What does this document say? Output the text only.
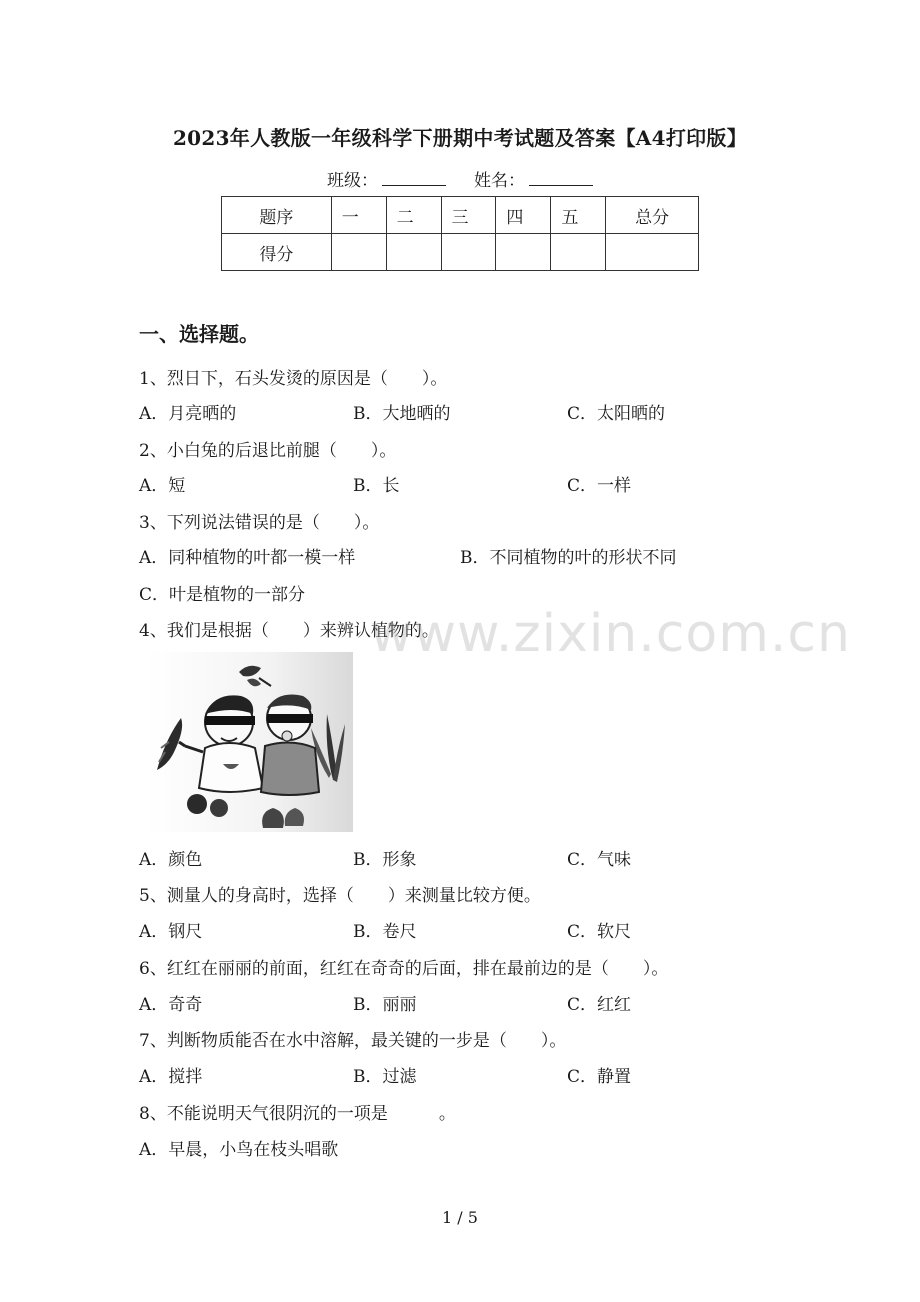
2023年人教版一年级科学下册期中考试题及答案【A4打印版】
班级：	姓名：
题序	一	二	三	四	五	总分
得分						
一、选择题。
1、烈日下，石头发烫的原因是（　　）。
A．月亮晒的	B．大地晒的	C．太阳晒的
2、小白兔的后退比前腿（　　）。
A．短	B．长	C．一样
3、下列说法错误的是（　　）。
A．同种植物的叶都一模一样	B．不同植物的叶的形状不同
C．叶是植物的一部分
4、我们是根据（　　）来辨认植物的。
www.zixin.com.cn
A．颜色	B．形象	C．气味
5、测量人的身高时，选择（　　）来测量比较方便。
A．钢尺	B．卷尺	C．软尺
6、红红在丽丽的前面，红红在奇奇的后面，排在最前边的是（　　）。
A．奇奇	B．丽丽	C．红红
7、判断物质能否在水中溶解，最关键的一步是（　　）。
A．搅拌	B．过滤	C．静置
8、不能说明天气很阴沉的一项是　　　。
A．早晨，小鸟在枝头唱歌
1 / 5
